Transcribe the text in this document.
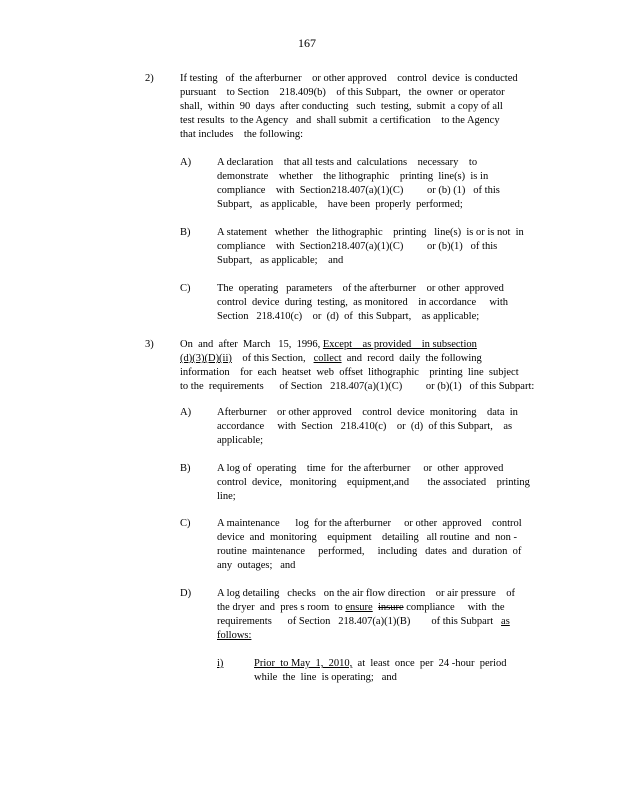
167
2)	If testing   of  the afterburner    or other approved    control  device  is conducted
pursuant    to Section    218.409(b)    of this Subpart,   the  owner  or operator
shall,  within  90  days  after conducting   such  testing,  submit  a copy of all
test results  to the Agency   and  shall submit  a certification    to the Agency
that includes    the following:
A) A declaration    that all tests and  calculations    necessary    to
demonstrate    whether    the lithographic    printing  line(s)  is in
compliance    with  Section218.407(a)(1)(C)         or (b) (1)   of this
Subpart,   as applicable,    have been  properly  performed;
B)	A statement   whether   the lithographic    printing   line(s)  is or is not  in
compliance    with  Section218.407(a)(1)(C)         or (b)(1)   of this
Subpart,   as applicable;    and
C)	The  operating   parameters    of the afterburner    or other  approved
control  device  during  testing,  as monitored    in accordance     with
Section   218.410(c)    or  (d)  of  this Subpart,    as applicable;
3)	On  and  after  March   15,  1996, Except    as provided    in subsection
(d)(3)(D)(ii)    of this Section,   collect  and  record  daily  the following
information    for  each  heatset  web  offset  lithographic    printing  line  subject
to the  requirements      of Section   218.407(a)(1)(C)         or (b)(1)   of this Subpart:
A) Afterburner    or other approved    control  device  monitoring    data  in
accordance     with  Section   218.410(c)    or  (d)  of this Subpart,    as
applicable;
B)	A log of  operating    time  for  the afterburner     or  other  approved
control  device,   monitoring    equipment,and       the associated    printing
line;
C)	A maintenance      log  for the afterburner     or other  approved    control
device  and  monitoring    equipment    detailing   all routine  and  non -
routine  maintenance     performed,     including   dates  and  duration  of
any  outages;   and
D) A log detailing   checks   on the air flow direction    or air pressure    of
the dryer  and  pres s room  to ensure insure compliance     with  the
requirements      of Section   218.407(a)(1)(B)        of this Subpart   as
follows:
i)	Prior  to May  1,  2010,  at  least  once  per  24 -hour  period
while  the  line  is operating;   and
